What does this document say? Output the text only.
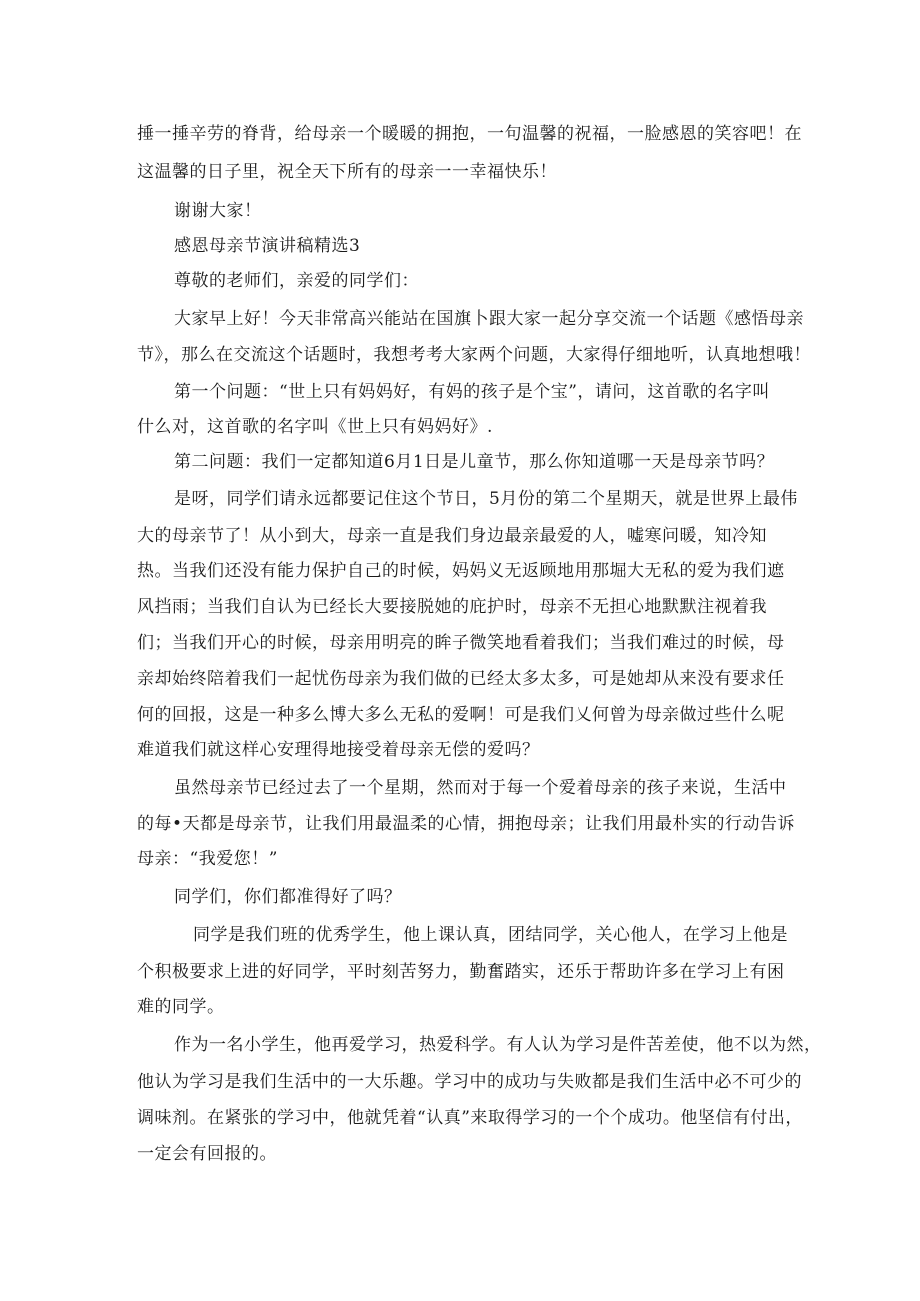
捶一捶辛劳的脊背，给母亲一个暖暖的拥抱，一句温馨的祝福，一脸感恩的笑容吧！在
这温馨的日子里，祝全天下所有的母亲一一幸福快乐！
谢谢大家！
感恩母亲节演讲稿精选3
尊敬的老师们，亲爱的同学们：
大家早上好！今天非常高兴能站在国旗卜跟大家一起分享交流一个话题《感悟母亲
节》，那么在交流这个话题时，我想考考大家两个问题，大家得仔细地听，认真地想哦！
第一个问题：“世上只有妈妈好，有妈的孩子是个宝”，请问，这首歌的名字叫
什么对，这首歌的名字叫《世上只有妈妈好》.
第二问题：我们一定都知道6月1日是儿童节，那么你知道哪一天是母亲节吗？
是呀，同学们请永远都要记住这个节日，5月份的第二个星期天，就是世界上最伟
大的母亲节了！从小到大，母亲一直是我们身边最亲最爱的人，嘘寒问暖，知冷知
热。当我们还没有能力保护自己的时候，妈妈义无返顾地用那堀大无私的爱为我们遮
风挡雨；当我们自认为已经长大要接脱她的庇护时，母亲不无担心地默默注视着我
们；当我们开心的时候，母亲用明亮的眸子微笑地看着我们；当我们难过的时候，母
亲却始终陪着我们一起忧伤母亲为我们做的已经太多太多，可是她却从来没有要求任
何的回报，这是一种多么博大多么无私的爱啊！可是我们乂何曾为母亲做过些什么呢
难道我们就这样心安理得地接受着母亲无偿的爱吗？
虽然母亲节已经过去了一个星期，然而对于每一个爱着母亲的孩子来说，生活中
的每•天都是母亲节，让我们用最温柔的心情，拥抱母亲；让我们用最朴实的行动告诉
母亲：“我爱您！”
同学们，你们都准得好了吗？
同学是我们班的优秀学生，他上课认真，团结同学，关心他人，在学习上他是
个积极要求上进的好同学，平时刻苦努力，勤奮踏实，还乐于帮助许多在学习上有困
难的同学。
作为一名小学生，他再爱学习，热爱科学。有人认为学习是件苦差使，他不以为然，
他认为学习是我们生活中的一大乐趣。学习中的成功与失败都是我们生活中必不可少的
调味剂。在紧张的学习中，他就凭着“认真”来取得学习的一个个成功。他坚信有付出，
一定会有回报的。
